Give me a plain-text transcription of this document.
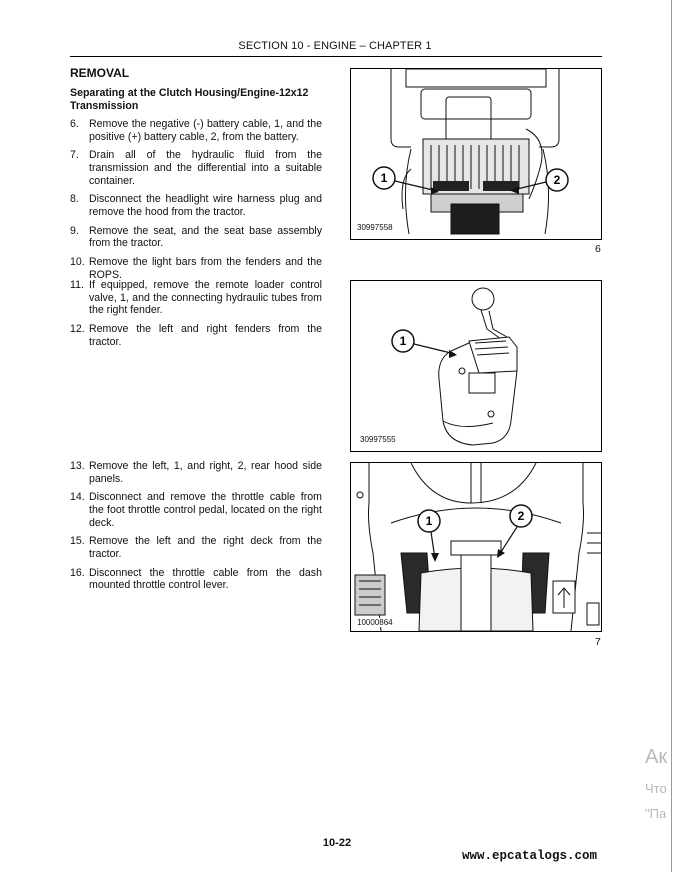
SECTION 10 - ENGINE – CHAPTER 1
REMOVAL
Separating at the Clutch Housing/Engine-12x12 Transmission
6. Remove the negative (-) battery cable, 1, and the positive (+) battery cable, 2, from the battery.
7. Drain all of the hydraulic fluid from the transmission and the differential into a suitable container.
8. Disconnect the headlight wire harness plug and remove the hood from the tractor.
9. Remove the seat, and the seat base assembly from the tractor.
10. Remove the light bars from the fenders and the ROPS.
11. If equipped, remove the remote loader control valve, 1, and the connecting hydraulic tubes from the right fender.
12. Remove the left and right fenders from the tractor.
13. Remove the left, 1, and right, 2, rear hood side panels.
14. Disconnect and remove the throttle cable from the foot throttle control pedal, located on the right deck.
15. Remove the left and the right deck from the tractor.
16. Disconnect the throttle cable from the dash mounted throttle control lever.
1	2
30997558
6
1
30997555
1	2
10000864
7
10-22
www.epcatalogs.com
Ак
Что
"Па
